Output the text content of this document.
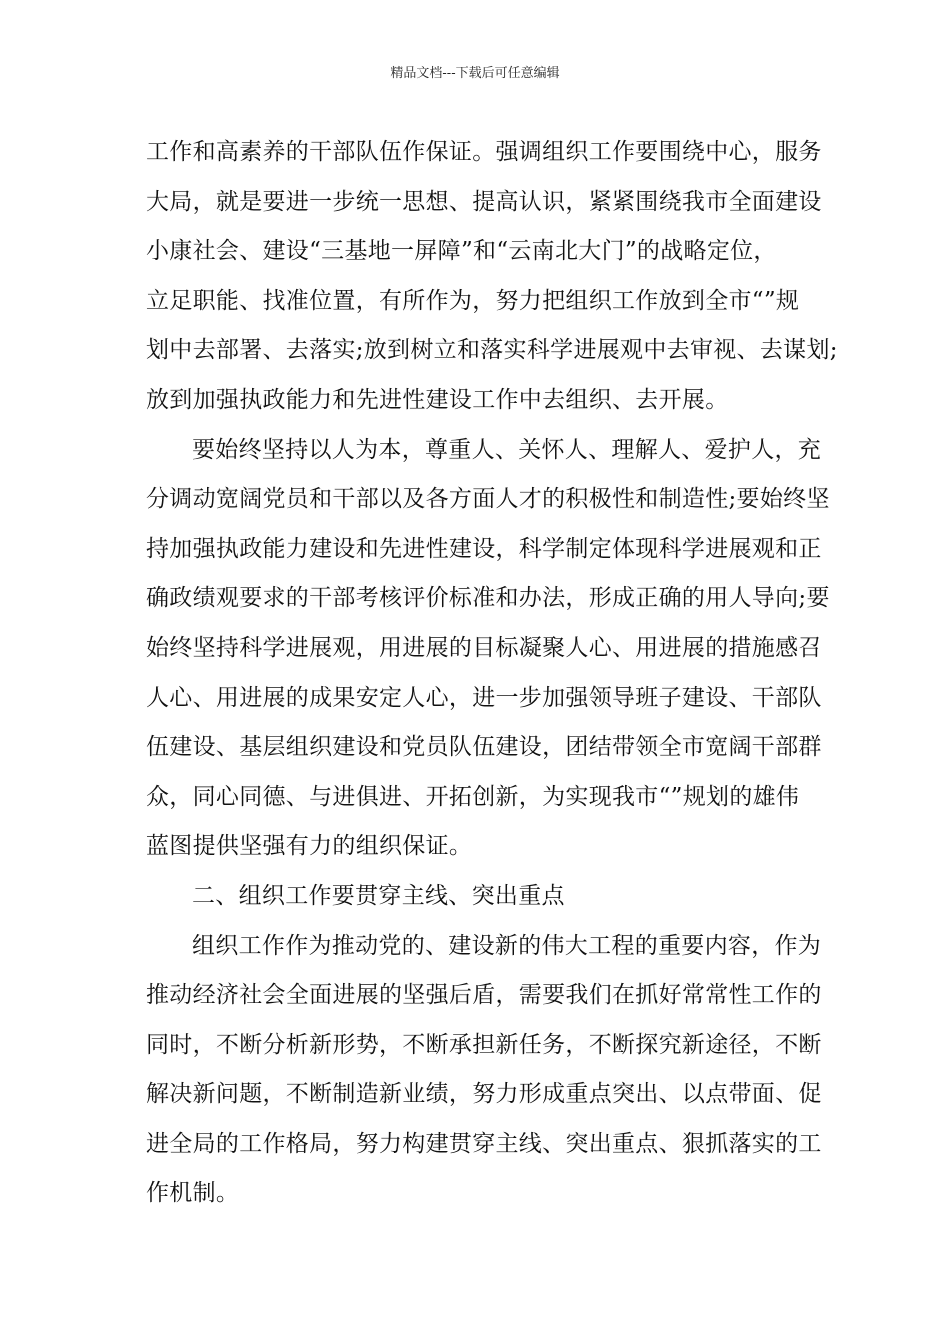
精品文档---下载后可任意编辑
工作和高素养的干部队伍作保证。强调组织工作要围绕中心，服务
大局，就是要进一步统一思想、提高认识，紧紧围绕我市全面建设
小康社会、建设“三基地一屏障”和“云南北大门”的战略定位，
立足职能、找准位置，有所作为，努力把组织工作放到全市“”规
划中去部署、去落实;放到树立和落实科学进展观中去审视、去谋划;
放到加强执政能力和先进性建设工作中去组织、去开展。
要始终坚持以人为本，尊重人、关怀人、理解人、爱护人，充
分调动宽阔党员和干部以及各方面人才的积极性和制造性;要始终坚
持加强执政能力建设和先进性建设，科学制定体现科学进展观和正
确政绩观要求的干部考核评价标准和办法，形成正确的用人导向;要
始终坚持科学进展观，用进展的目标凝聚人心、用进展的措施感召
人心、用进展的成果安定人心，进一步加强领导班子建设、干部队
伍建设、基层组织建设和党员队伍建设，团结带领全市宽阔干部群
众，同心同德、与进俱进、开拓创新，为实现我市“”规划的雄伟
蓝图提供坚强有力的组织保证。
二、组织工作要贯穿主线、突出重点
组织工作作为推动党的、建设新的伟大工程的重要内容，作为
推动经济社会全面进展的坚强后盾，需要我们在抓好常常性工作的
同时，不断分析新形势，不断承担新任务，不断探究新途径，不断
解决新问题，不断制造新业绩，努力形成重点突出、以点带面、促
进全局的工作格局，努力构建贯穿主线、突出重点、狠抓落实的工
作机制。
